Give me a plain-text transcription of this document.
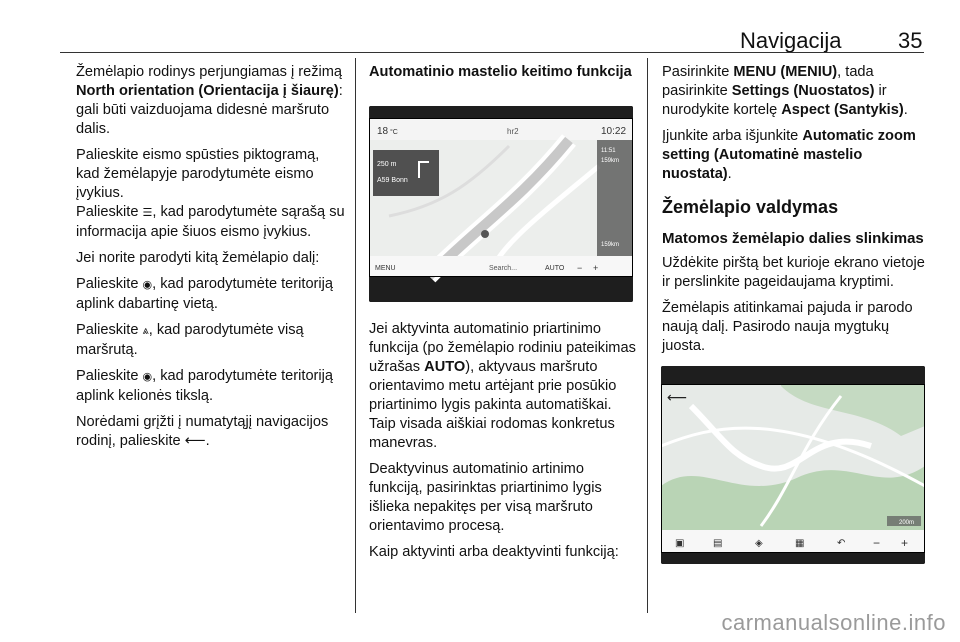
Navigacija	35

Žemėlapio rodinys perjungiamas į režimą North orientation (Orientacija į šiaurę): gali būti vaizduojama didesnė maršruto dalis.

Palieskite eismo spūsties piktogramą, kad žemėlapyje parodytumėte eismo įvykius.
Palieskite ☰, kad parodytumėte sąrašą su informacija apie šiuos eismo įvykius.

Jei norite parodyti kitą žemėlapio dalį:

Palieskite ◉, kad parodytumėte teritoriją aplink dabartinę vietą.

Palieskite ⩓, kad parodytumėte visą maršrutą.

Palieskite ◉, kad parodytumėte teritoriją aplink kelionės tikslą.

Norėdami grįžti į numatytąjį navigacijos rodinį, palieskite ⟵.

Automatinio mastelio keitimo funkcija

18 °C	hr2	10:22
250 m
A59 Bonn
11:51
159km
159km
MENU	Search...	AUTO − +

Jei aktyvinta automatinio priartinimo funkcija (po žemėlapio rodiniu pateikimas užrašas AUTO), aktyvaus maršruto orientavimo metu artėjant prie posūkio priartinimo lygis pakinta automatiškai. Taip visada aiškiai rodomas konkretus manevras.

Deaktyvinus automatinio artinimo funkciją, pasirinktas priartinimo lygis išlieka nepakitęs per visą maršruto orientavimo procesą.

Kaip aktyvinti arba deaktyvinti funkciją:

Pasirinkite MENU (MENIU), tada pasirinkite Settings (Nuostatos) ir nurodykite kortelę Aspect (Santykis).

Įjunkite arba išjunkite Automatic zoom setting (Automatinė mastelio nuostata).

Žemėlapio valdymas
Matomos žemėlapio dalies slinkimas

Uždėkite pirštą bet kurioje ekrano vietoje ir perslinkite pageidaujama kryptimi.

Žemėlapis atitinkamai pajuda ir parodo naują dalį. Pasirodo nauja mygtukų juosta.

⟵
200m
▣	▤	◈	▦	↶ − +
carmanualsonline.info
